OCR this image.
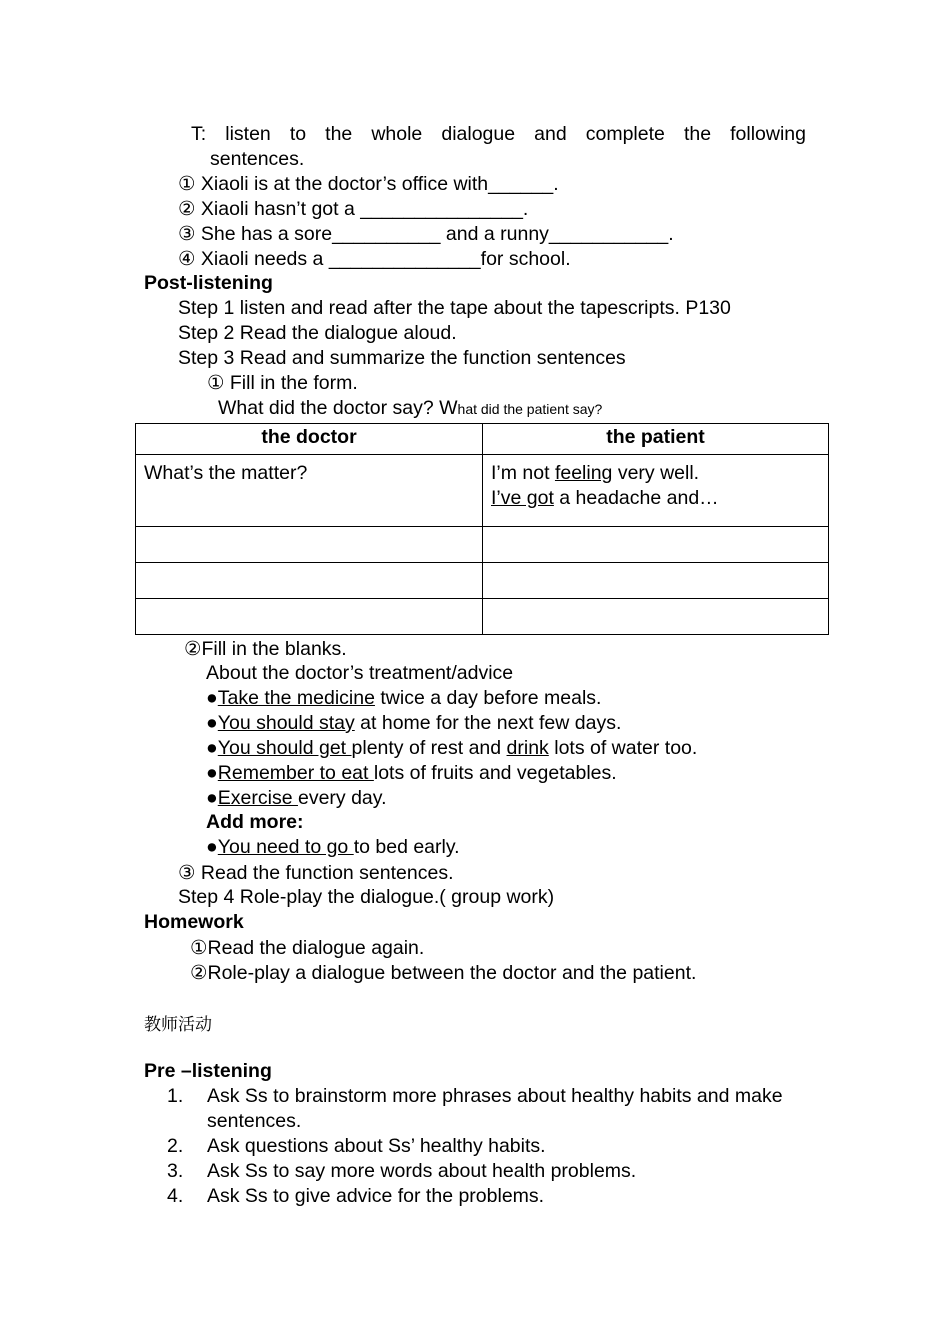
T: listen to the whole dialogue and complete the following
sentences.
① Xiaoli is at the doctor’s office with______.
② Xiaoli hasn’t got a _______________.
③ She has a sore__________ and a runny___________.
④ Xiaoli needs a ______________for school.
Post-listening
Step 1 listen and read after the tape about the tapescripts. P130
Step 2 Read the dialogue aloud.
Step 3 Read and summarize the function sentences
① Fill in the form.
What did the doctor say? What did the patient say?
the doctor	the patient
What’s the matter?	I’m not feeling very well.
I’ve got a headache and…

②Fill in the blanks.
About the doctor’s treatment/advice
●Take the medicine twice a day before meals.
●You should stay at home for the next few days.
●You should get plenty of rest and drink lots of water too.
●Remember to eat lots of fruits and vegetables.
●Exercise every day.
Add more:
●You need to go to bed early.
③ Read the function sentences.
Step 4 Role-play the dialogue.( group work)
Homework
①Read the dialogue again.
②Role-play a dialogue between the doctor and the patient.
教师活动
Pre –listening
1. Ask Ss to brainstorm more phrases about healthy habits and make
sentences.
2. Ask questions about Ss’ healthy habits.
3. Ask Ss to say more words about health problems.
4. Ask Ss to give advice for the problems.
